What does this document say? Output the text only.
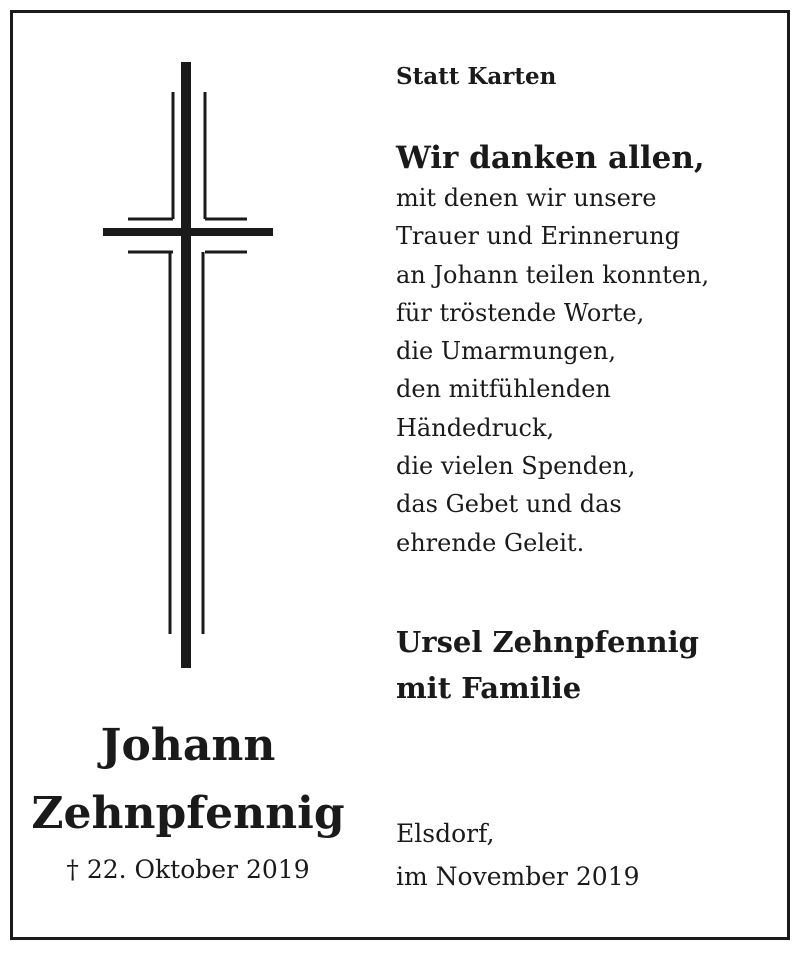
Johann
Zehnpfennig
† 22. Oktober 2019
Statt Karten
Wir danken allen,
mit denen wir unsere
Trauer und Erinnerung
an Johann teilen konnten,
für tröstende Worte,
die Umarmungen,
den mitfühlenden
Händedruck,
die vielen Spenden,
das Gebet und das
ehrende Geleit.
Ursel Zehnpfennig
mit Familie
Elsdorf,
im November 2019
